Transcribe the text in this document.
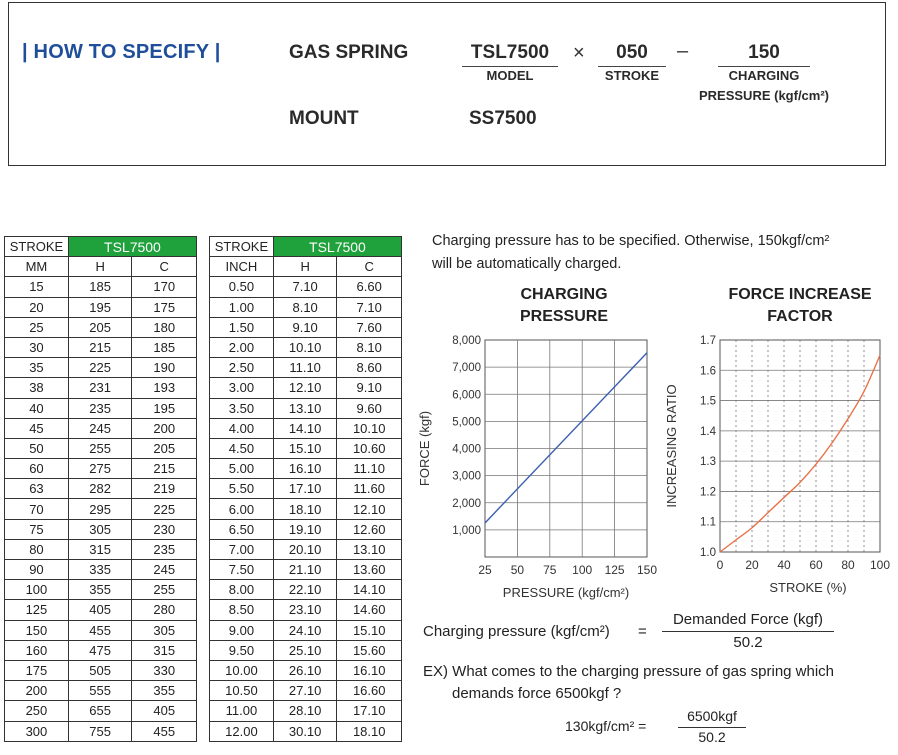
| HOW TO SPECIFY |	GAS SPRING	TSL7500
MODEL
×	050
STROKE
–	150
CHARGING
PRESSURE (kgf/cm²)
MOUNT	SS7500
STROKE	TSL7500	
MM	H	C
15	185	170
20	195	175
25	205	180
30	215	185
35	225	190
38	231	193
40	235	195
45	245	200
50	255	205
60	275	215
63	282	219
70	295	225
75	305	230
80	315	235
90	335	245
100	355	255
125	405	280
150	455	305
160	475	315
175	505	330
200	555	355
250	655	405
300	755	455
STROKE	TSL7500	
INCH	H	C
0.50	7.10	6.60
1.00	8.10	7.10
1.50	9.10	7.60
2.00	10.10	8.10
2.50	11.10	8.60
3.00	12.10	9.10
3.50	13.10	9.60
4.00	14.10	10.10
4.50	15.10	10.60
5.00	16.10	11.10
5.50	17.10	11.60
6.00	18.10	12.10
6.50	19.10	12.60
7.00	20.10	13.10
7.50	21.10	13.60
8.00	22.10	14.10
8.50	23.10	14.60
9.00	24.10	15.10
9.50	25.10	15.60
10.00	26.10	16.10
10.50	27.10	16.60
11.00	28.10	17.10
12.00	30.10	18.10
Charging pressure has to be specified. Otherwise, 150kgf/cm²
will be automatically charged.
CHARGING
PRESSURE
25 50 75 100 125 150
1,000
2,000
3,000
4,000
5,000
6,000
7,000
8,000
PRESSURE (kgf/cm²)
FORCE (kgf)
FORCE INCREASE
FACTOR
0 20 40 60 80 100
1.0
1.1
1.2
1.3
1.4
1.5
1.6
1.7
STROKE (%)
INCREASING RATIO
Charging pressure (kgf/cm²) =
Demanded Force (kgf)
50.2
EX) What comes to the charging pressure of gas spring which
demands force 6500kgf ?
130kgf/cm² =
6500kgf
50.2
